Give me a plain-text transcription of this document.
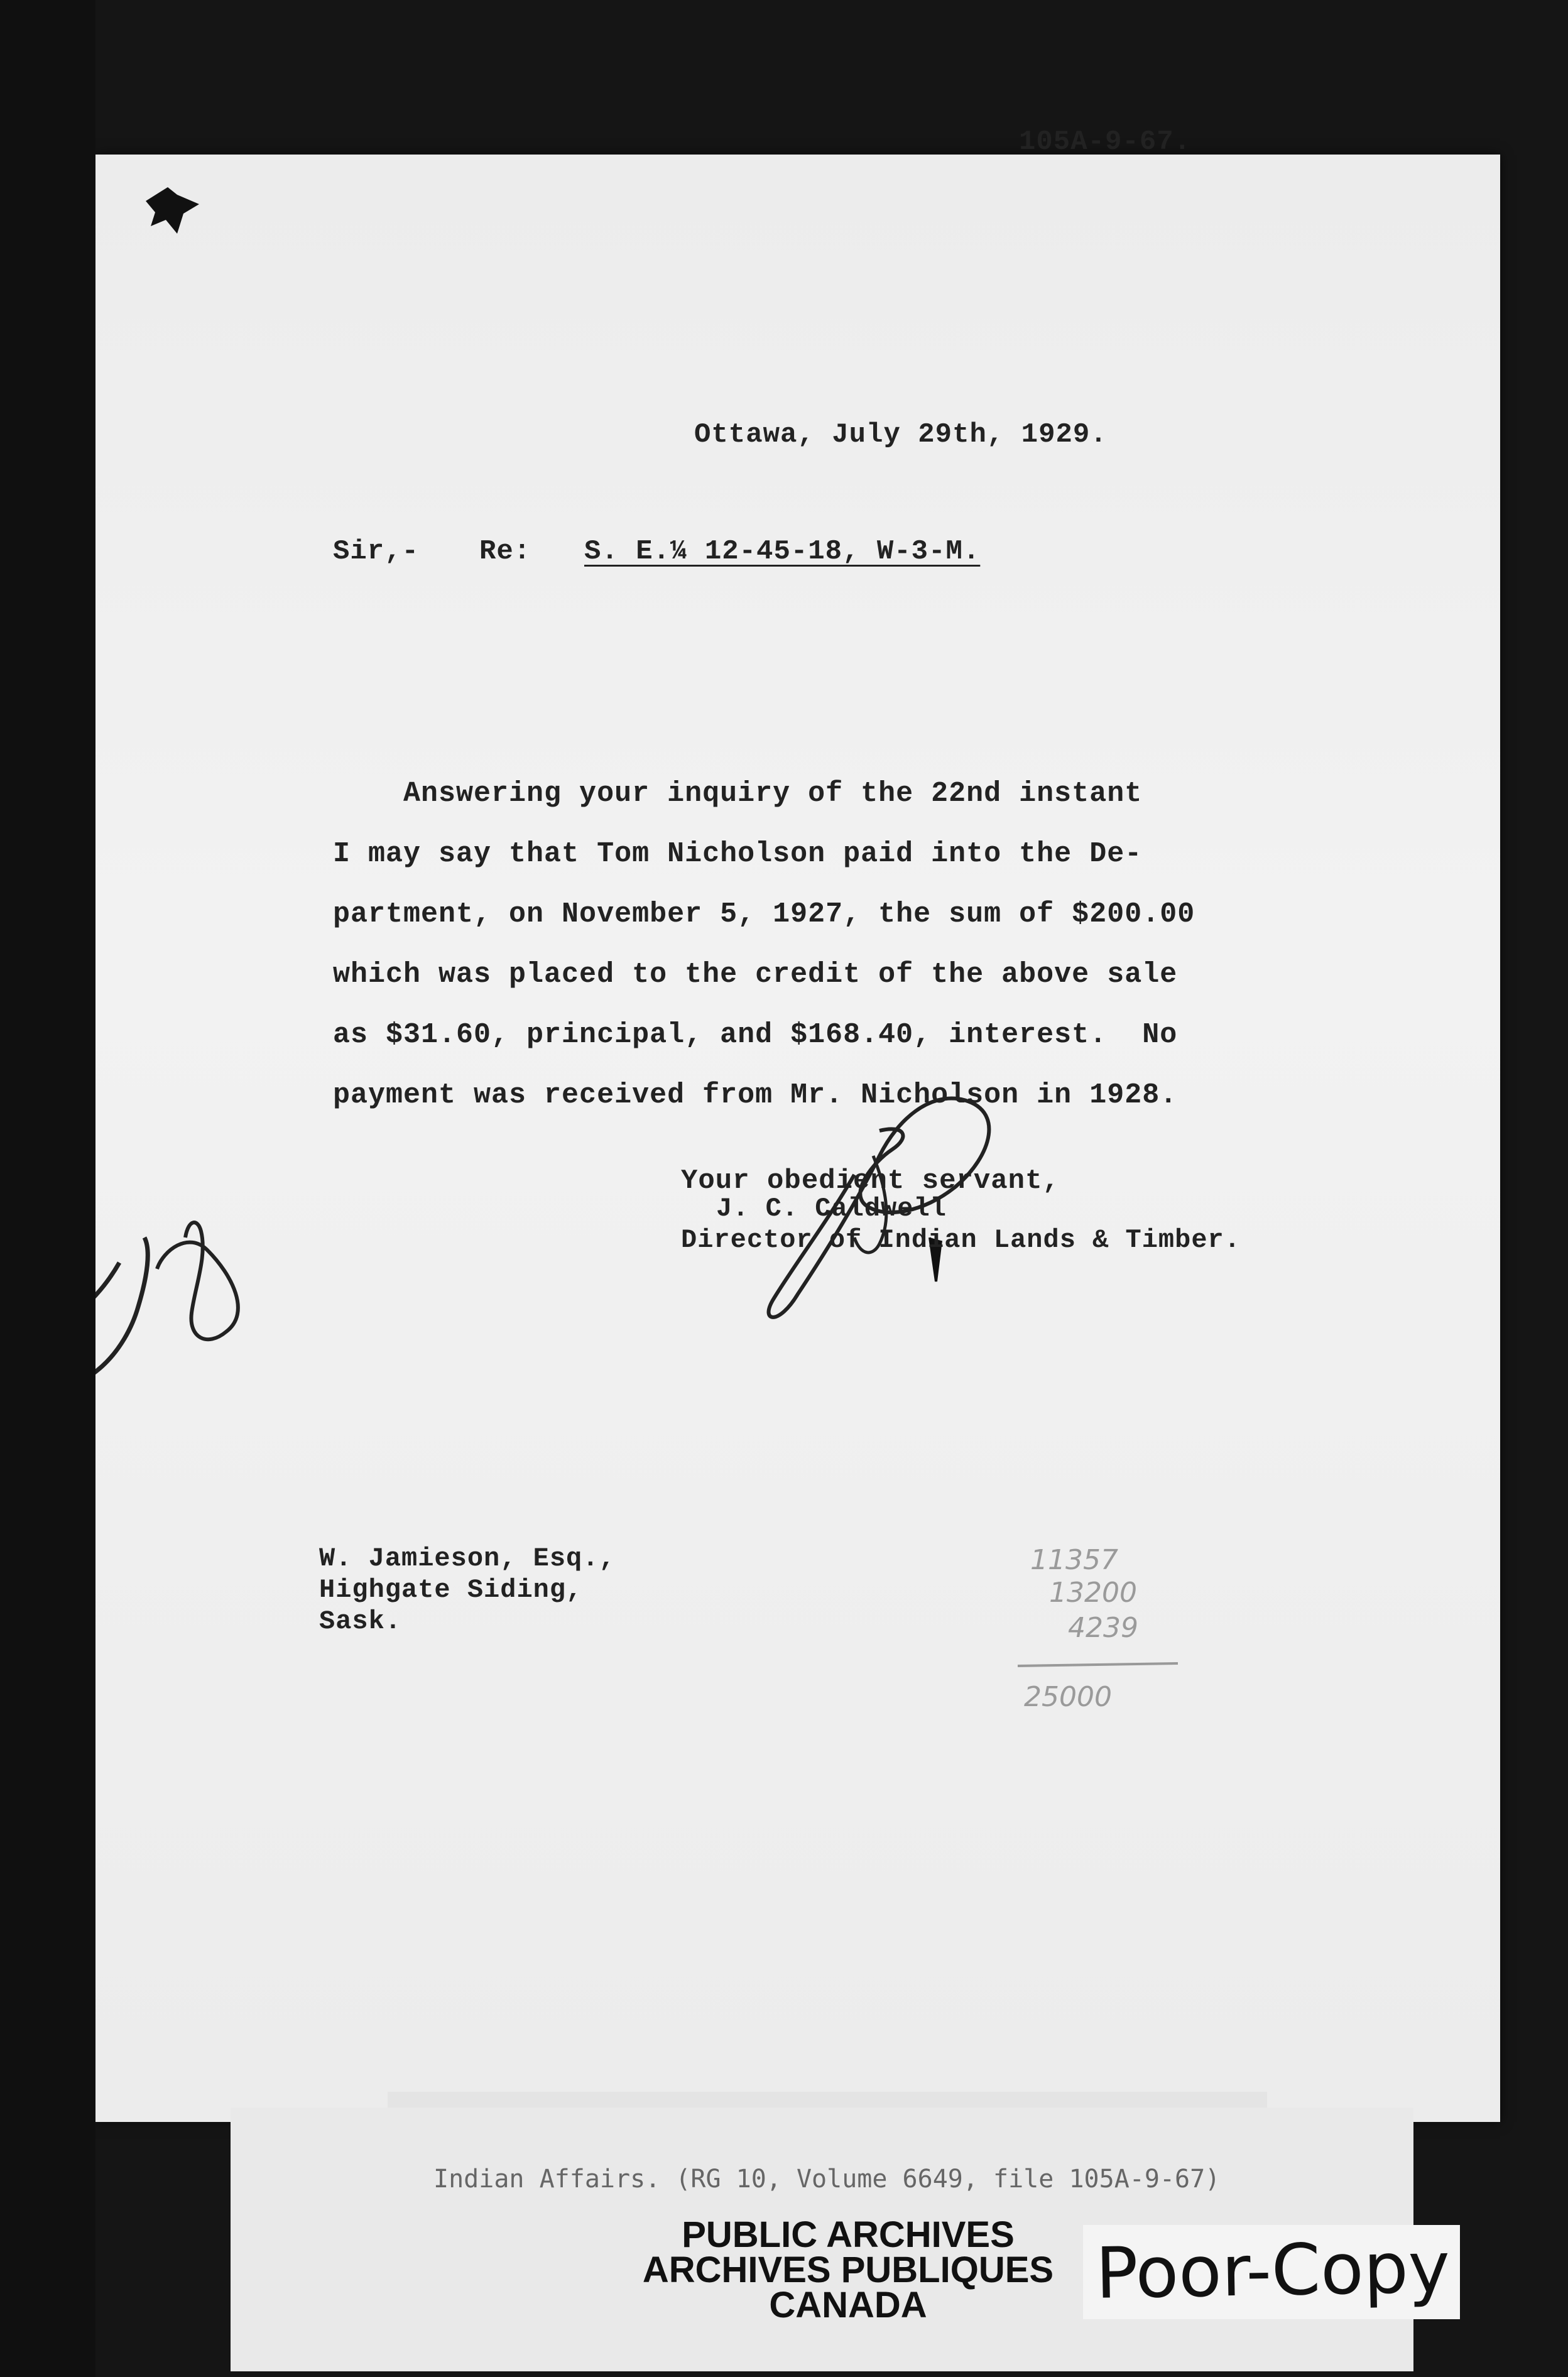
105A-9-67.
Ottawa, July 29th, 1929.
Sir,- Re: S. E.¼ 12-45-18, W-3-M.
Answering your inquiry of the 22nd instant
I may say that Tom Nicholson paid into the De-
partment, on November 5, 1927, the sum of $200.00
which was placed to the credit of the above sale
as $31.60, principal, and $168.40, interest.  No
payment was received from Mr. Nicholson in 1928.
Your obedient servant,
J. C. Caldwell
Director of Indian Lands & Timber.
W. Jamieson, Esq.,
Highgate Siding,
Sask.
11357
13200
4239
25000
Indian Affairs. (RG 10, Volume 6649, file 105A-9-67)
PUBLIC ARCHIVES
ARCHIVES PUBLIQUES
CANADA	Poor-Copy
